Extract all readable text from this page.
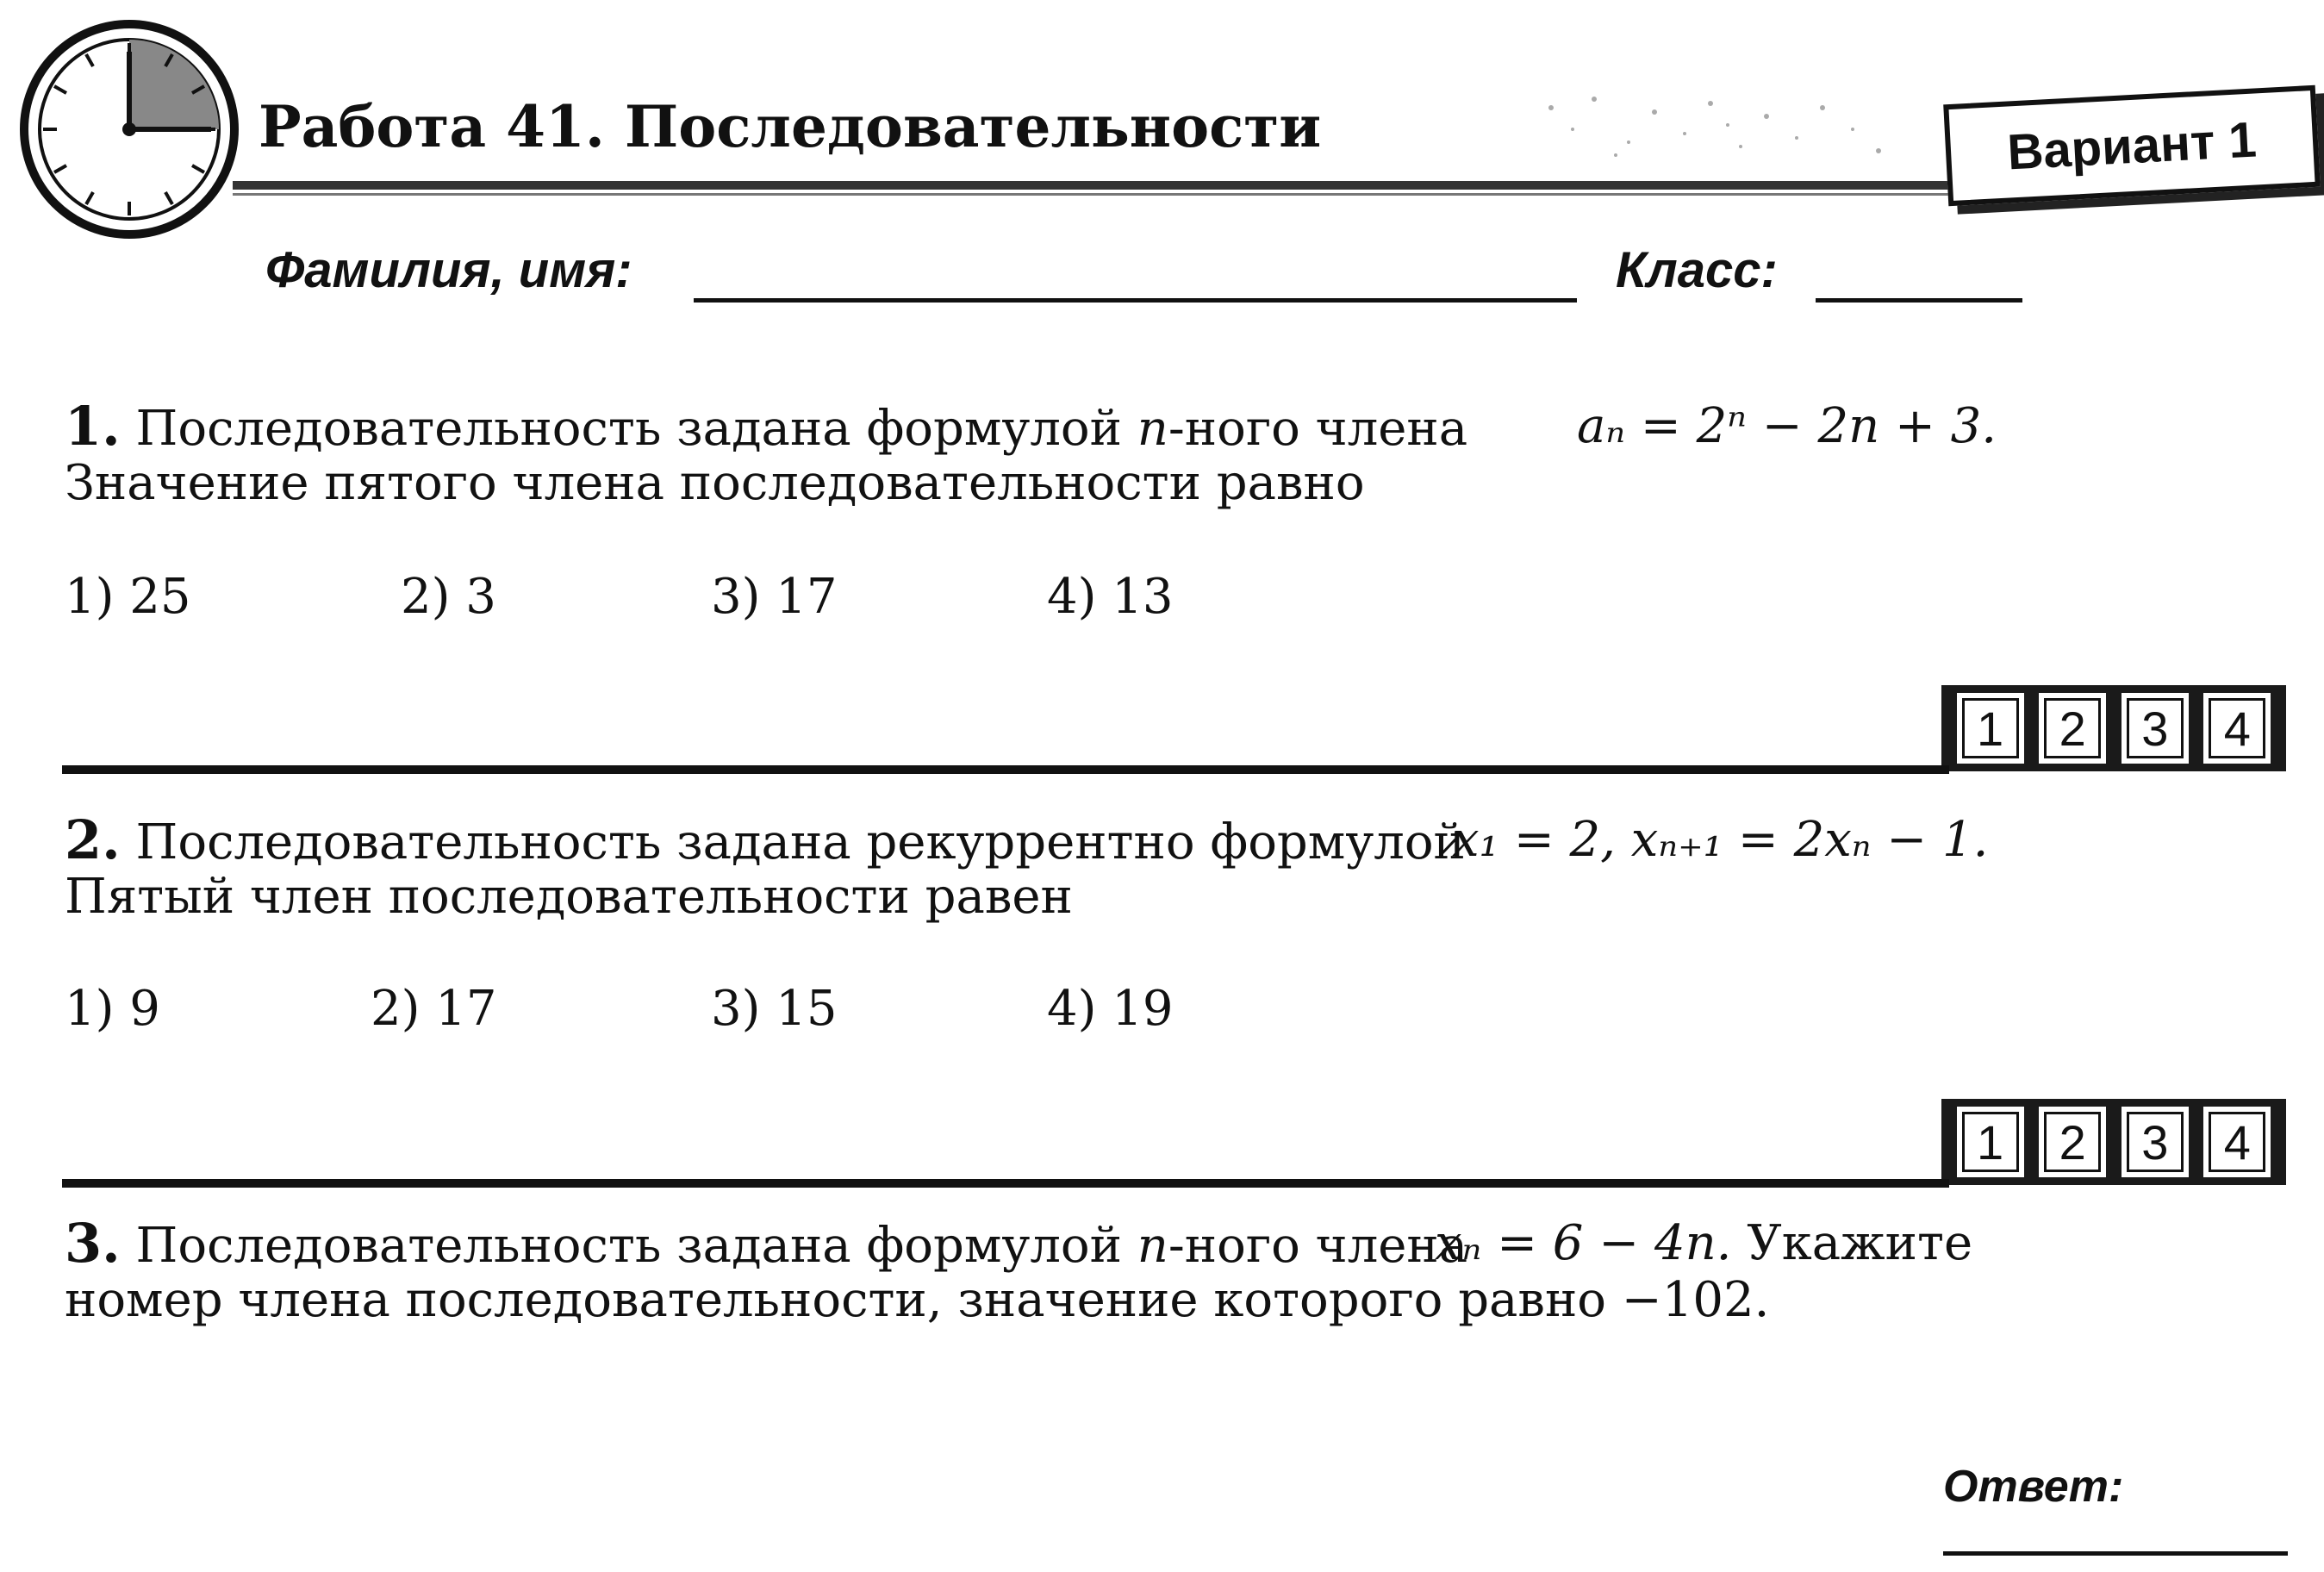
Работа 41. Последовательности	Вариант 1
Фамилия, имя:	Класс:
1. Последовательность задана формулой n-ного члена aₙ = 2ⁿ − 2n + 3.
Значение пятого члена последовательности равно
1) 25	2) 3	3) 17	4) 13
1	2	3	4
2. Последовательность задана рекуррентно формулой
x₁ = 2, xₙ₊₁ = 2xₙ − 1.
Пятый член последовательности равен
1) 9	2) 17	3) 15	4) 19
1	2	3	4
3. Последовательность задана формулой n-ного члена
xₙ = 6 − 4n. Укажите
номер члена последовательности, значение которого равно −102.
Ответ:
